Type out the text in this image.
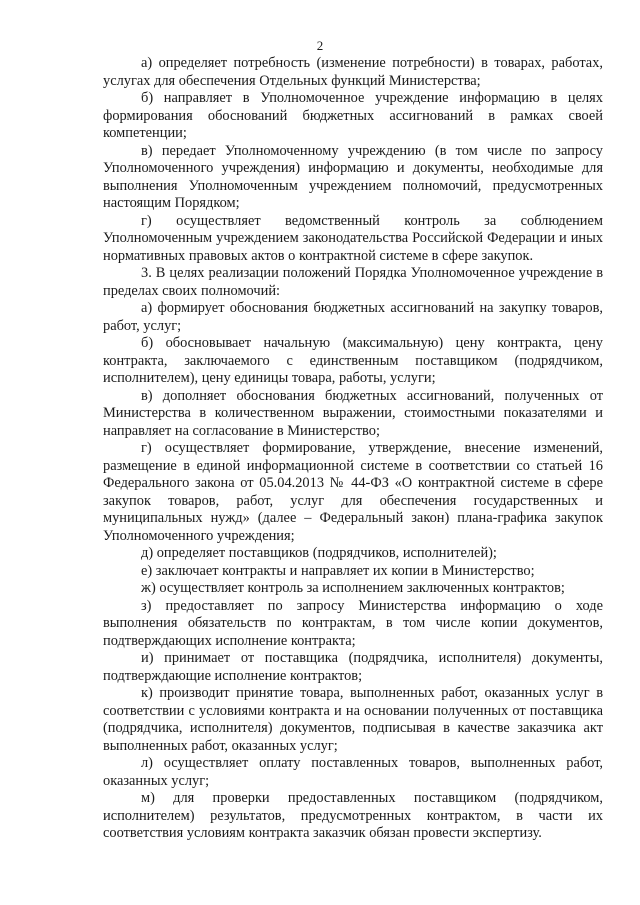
2

а) определяет потребность (изменение потребности) в товарах, работах, услугах для обеспечения Отдельных функций Министерства;

б) направляет в Уполномоченное учреждение информацию в целях формирования обоснований бюджетных ассигнований в рамках своей компетенции;

в) передает Уполномоченному учреждению (в том числе по запросу Уполномоченного учреждения) информацию и документы, необходимые для выполнения Уполномоченным учреждением полномочий, предусмотренных настоящим Порядком;

г) осуществляет ведомственный контроль за соблюдением Уполномоченным учреждением законодательства Российской Федерации и иных нормативных правовых актов о контрактной системе в сфере закупок.

3. В целях реализации положений Порядка Уполномоченное учреждение в пределах своих полномочий:

а) формирует обоснования бюджетных ассигнований на закупку товаров, работ, услуг;

б) обосновывает начальную (максимальную) цену контракта, цену контракта, заключаемого с единственным поставщиком (подрядчиком, исполнителем), цену единицы товара, работы, услуги;

в) дополняет обоснования бюджетных ассигнований, полученных от Министерства в количественном выражении, стоимостными показателями и направляет на согласование в Министерство;

г) осуществляет формирование, утверждение, внесение изменений, размещение в единой информационной системе в соответствии со статьей 16 Федерального закона от 05.04.2013 № 44-ФЗ «О контрактной системе в сфере закупок товаров, работ, услуг для обеспечения государственных и муниципальных нужд» (далее – Федеральный закон) плана-графика закупок Уполномоченного учреждения;

д) определяет поставщиков (подрядчиков, исполнителей);

е) заключает контракты и направляет их копии в Министерство;

ж) осуществляет контроль за исполнением заключенных контрактов;

з) предоставляет по запросу Министерства информацию о ходе выполнения обязательств по контрактам, в том числе копии документов, подтверждающих исполнение контракта;

и) принимает от поставщика (подрядчика, исполнителя) документы, подтверждающие исполнение контрактов;

к) производит принятие товара, выполненных работ, оказанных услуг в соответствии с условиями контракта и на основании полученных от поставщика (подрядчика, исполнителя) документов, подписывая в качестве заказчика акт выполненных работ, оказанных услуг;

л) осуществляет оплату поставленных товаров, выполненных работ, оказанных услуг;

м) для проверки предоставленных поставщиком (подрядчиком, исполнителем) результатов, предусмотренных контрактом, в части их соответствия условиям контракта заказчик обязан провести экспертизу.
